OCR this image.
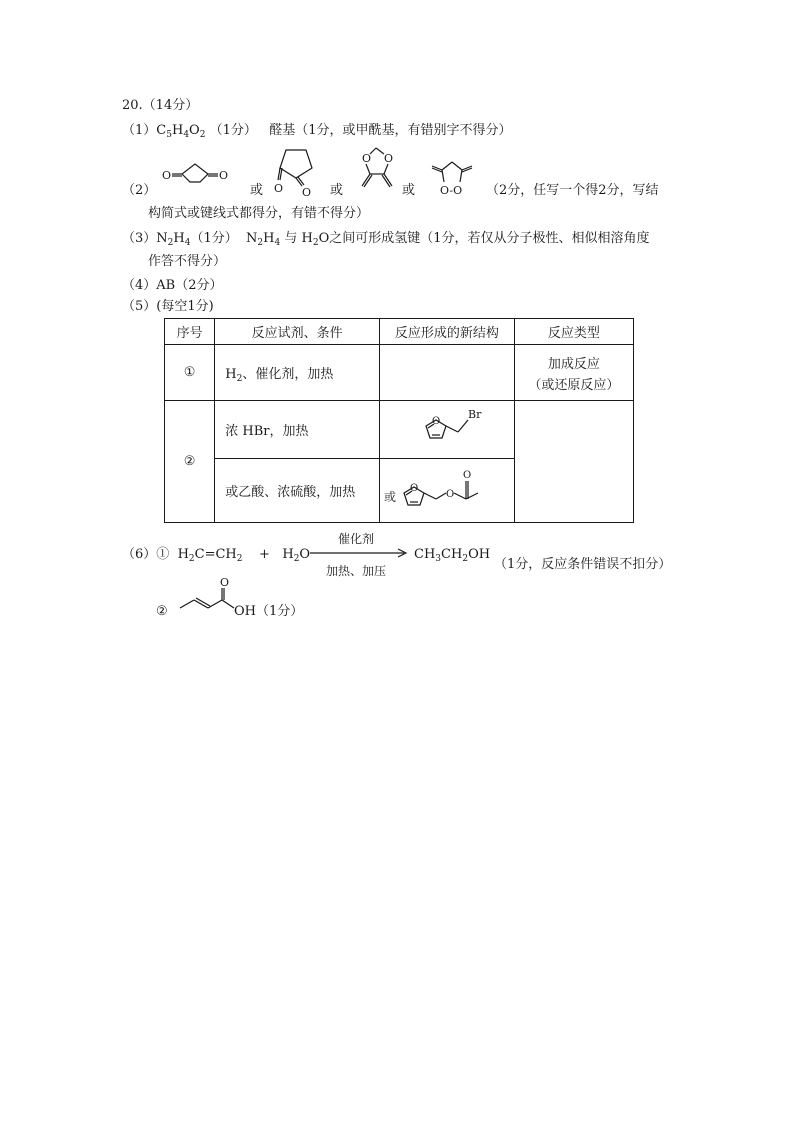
20.（14分）
$(1)C_5H_4O_2$ （1分） 醛基（1分，或甲酰基，有错别字不得分）
（2）
O	O
或 O O 或
O O
或 O-O （2分，任写一个得2分，写结
构简式或键线式都得分，有错不得分）
$(3)N_2H_4(1$分） $N_2H_4$ 与 $H_2O$之间可形成氢键（1分，若仅从分子极性、相似相溶角度
作答不得分）
（4）AB（2分）
（5）(每空1分)
序号	反应试剂、条件	反应形成的新结构	反应类型
①	$H_2$、催化剂，加热		加成反应
（或还原反应）

②	浓 HBr，加热	O
Br	

	或乙酸、浓硫酸，加热	或
O
O
O	
（6）① $H_2C=CH_2 + H_2O$
催化剂
加热、加压
$CH_3CH_2OH$
（1分，反应条件错误不扣分）
②
O
OH（1分）
